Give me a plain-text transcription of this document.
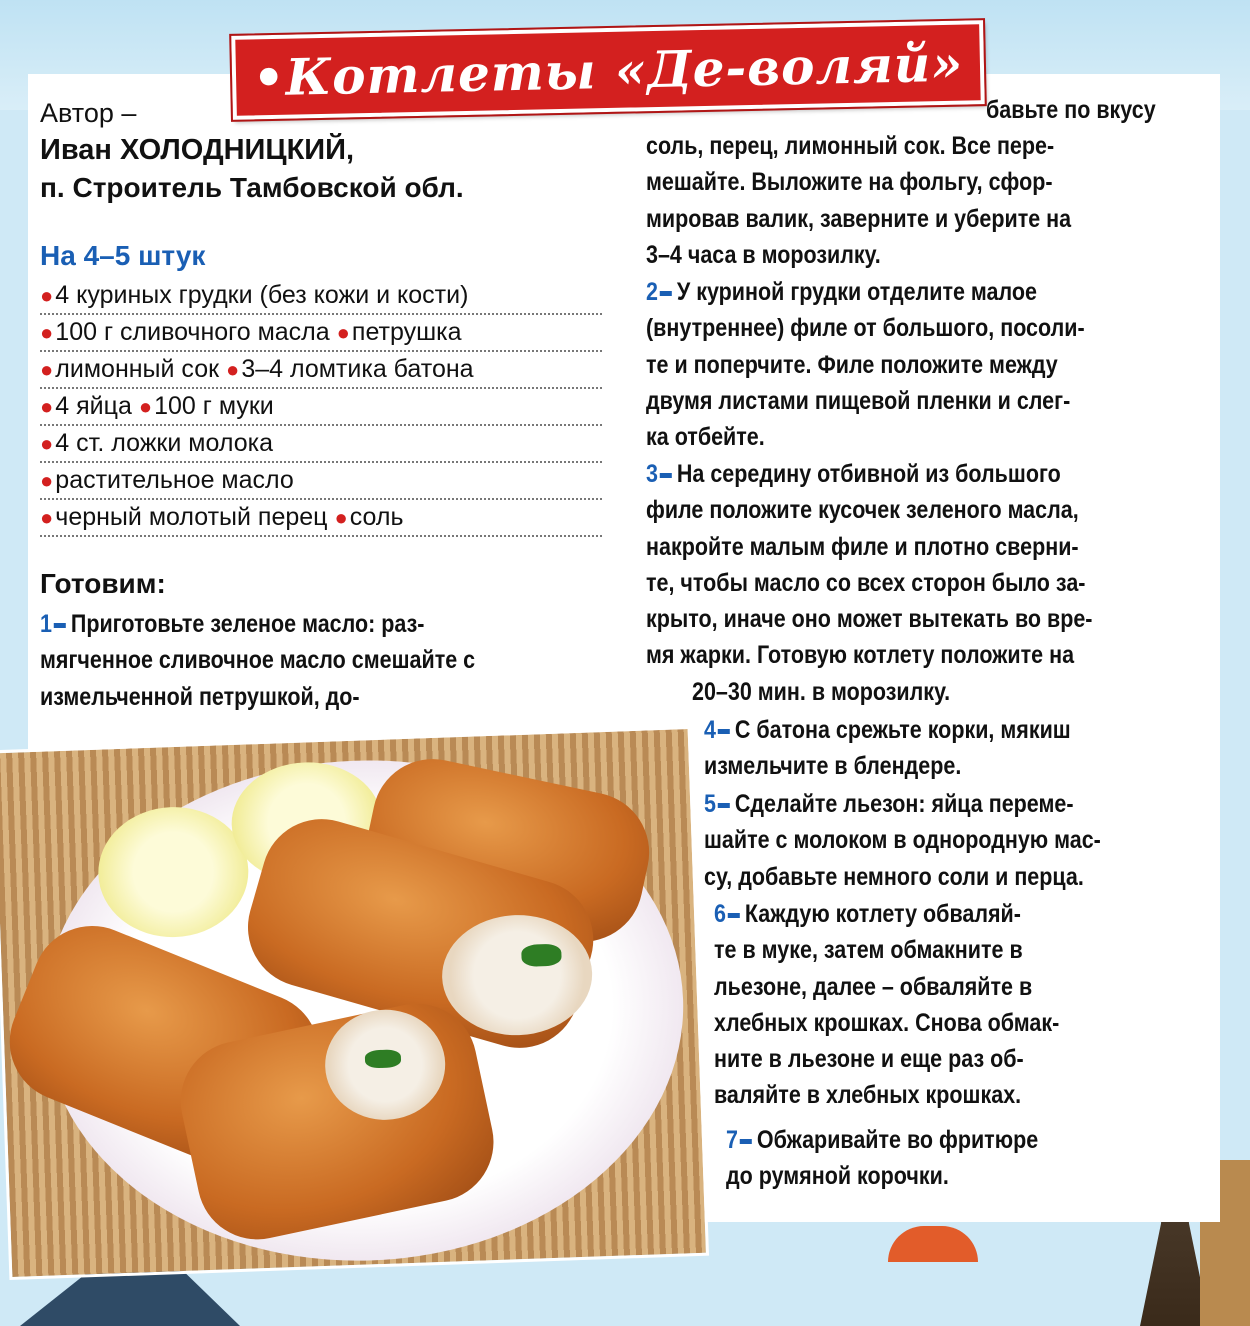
•Котлеты «Де-воляй»
Автор –
Иван ХОЛОДНИЦКИЙ,
п. Строитель Тамбовской обл.
На 4–5 штук
●4 куриных грудки (без кожи и кости)
●100 г сливочного масла ●петрушка
●лимонный сок ●3–4 ломтика батона
●4 яйца ●100 г муки
●4 ст. ложки молока
●растительное масло
●черный молотый перец ●соль
Готовим:
1 Приготовьте зеленое масло: раз-
мягченное сливочное масло смешайте с
измельченной петрушкой, до-
бавьте по вкусу
соль, перец, лимонный сок. Все пере-
мешайте. Выложите на фольгу, сфор-
мировав валик, заверните и уберите на
3–4 часа в морозилку.
2 У куриной грудки отделите малое
(внутреннее) филе от большого, посоли-
те и поперчите. Филе положите между
двумя листами пищевой пленки и слег-
ка отбейте.
3 На середину отбивной из большого
филе положите кусочек зеленого масла,
накройте малым филе и плотно сверни-
те, чтобы масло со всех сторон было за-
крыто, иначе оно может вытекать во вре-
мя жарки. Готовую котлету положите на
20–30 мин. в морозилку.
4 С батона срежьте корки, мякиш
измельчите в блендере.
5 Сделайте льезон: яйца переме-
шайте с молоком в однородную мас-
су, добавьте немного соли и перца.
6 Каждую котлету обваляй-
те в муке, затем обмакните в
льезоне, далее – обваляйте в
хлебных крошках. Снова обмак-
ните в льезоне и еще раз об-
валяйте в хлебных крошках.
7 Обжаривайте во фритюре
до румяной корочки.
